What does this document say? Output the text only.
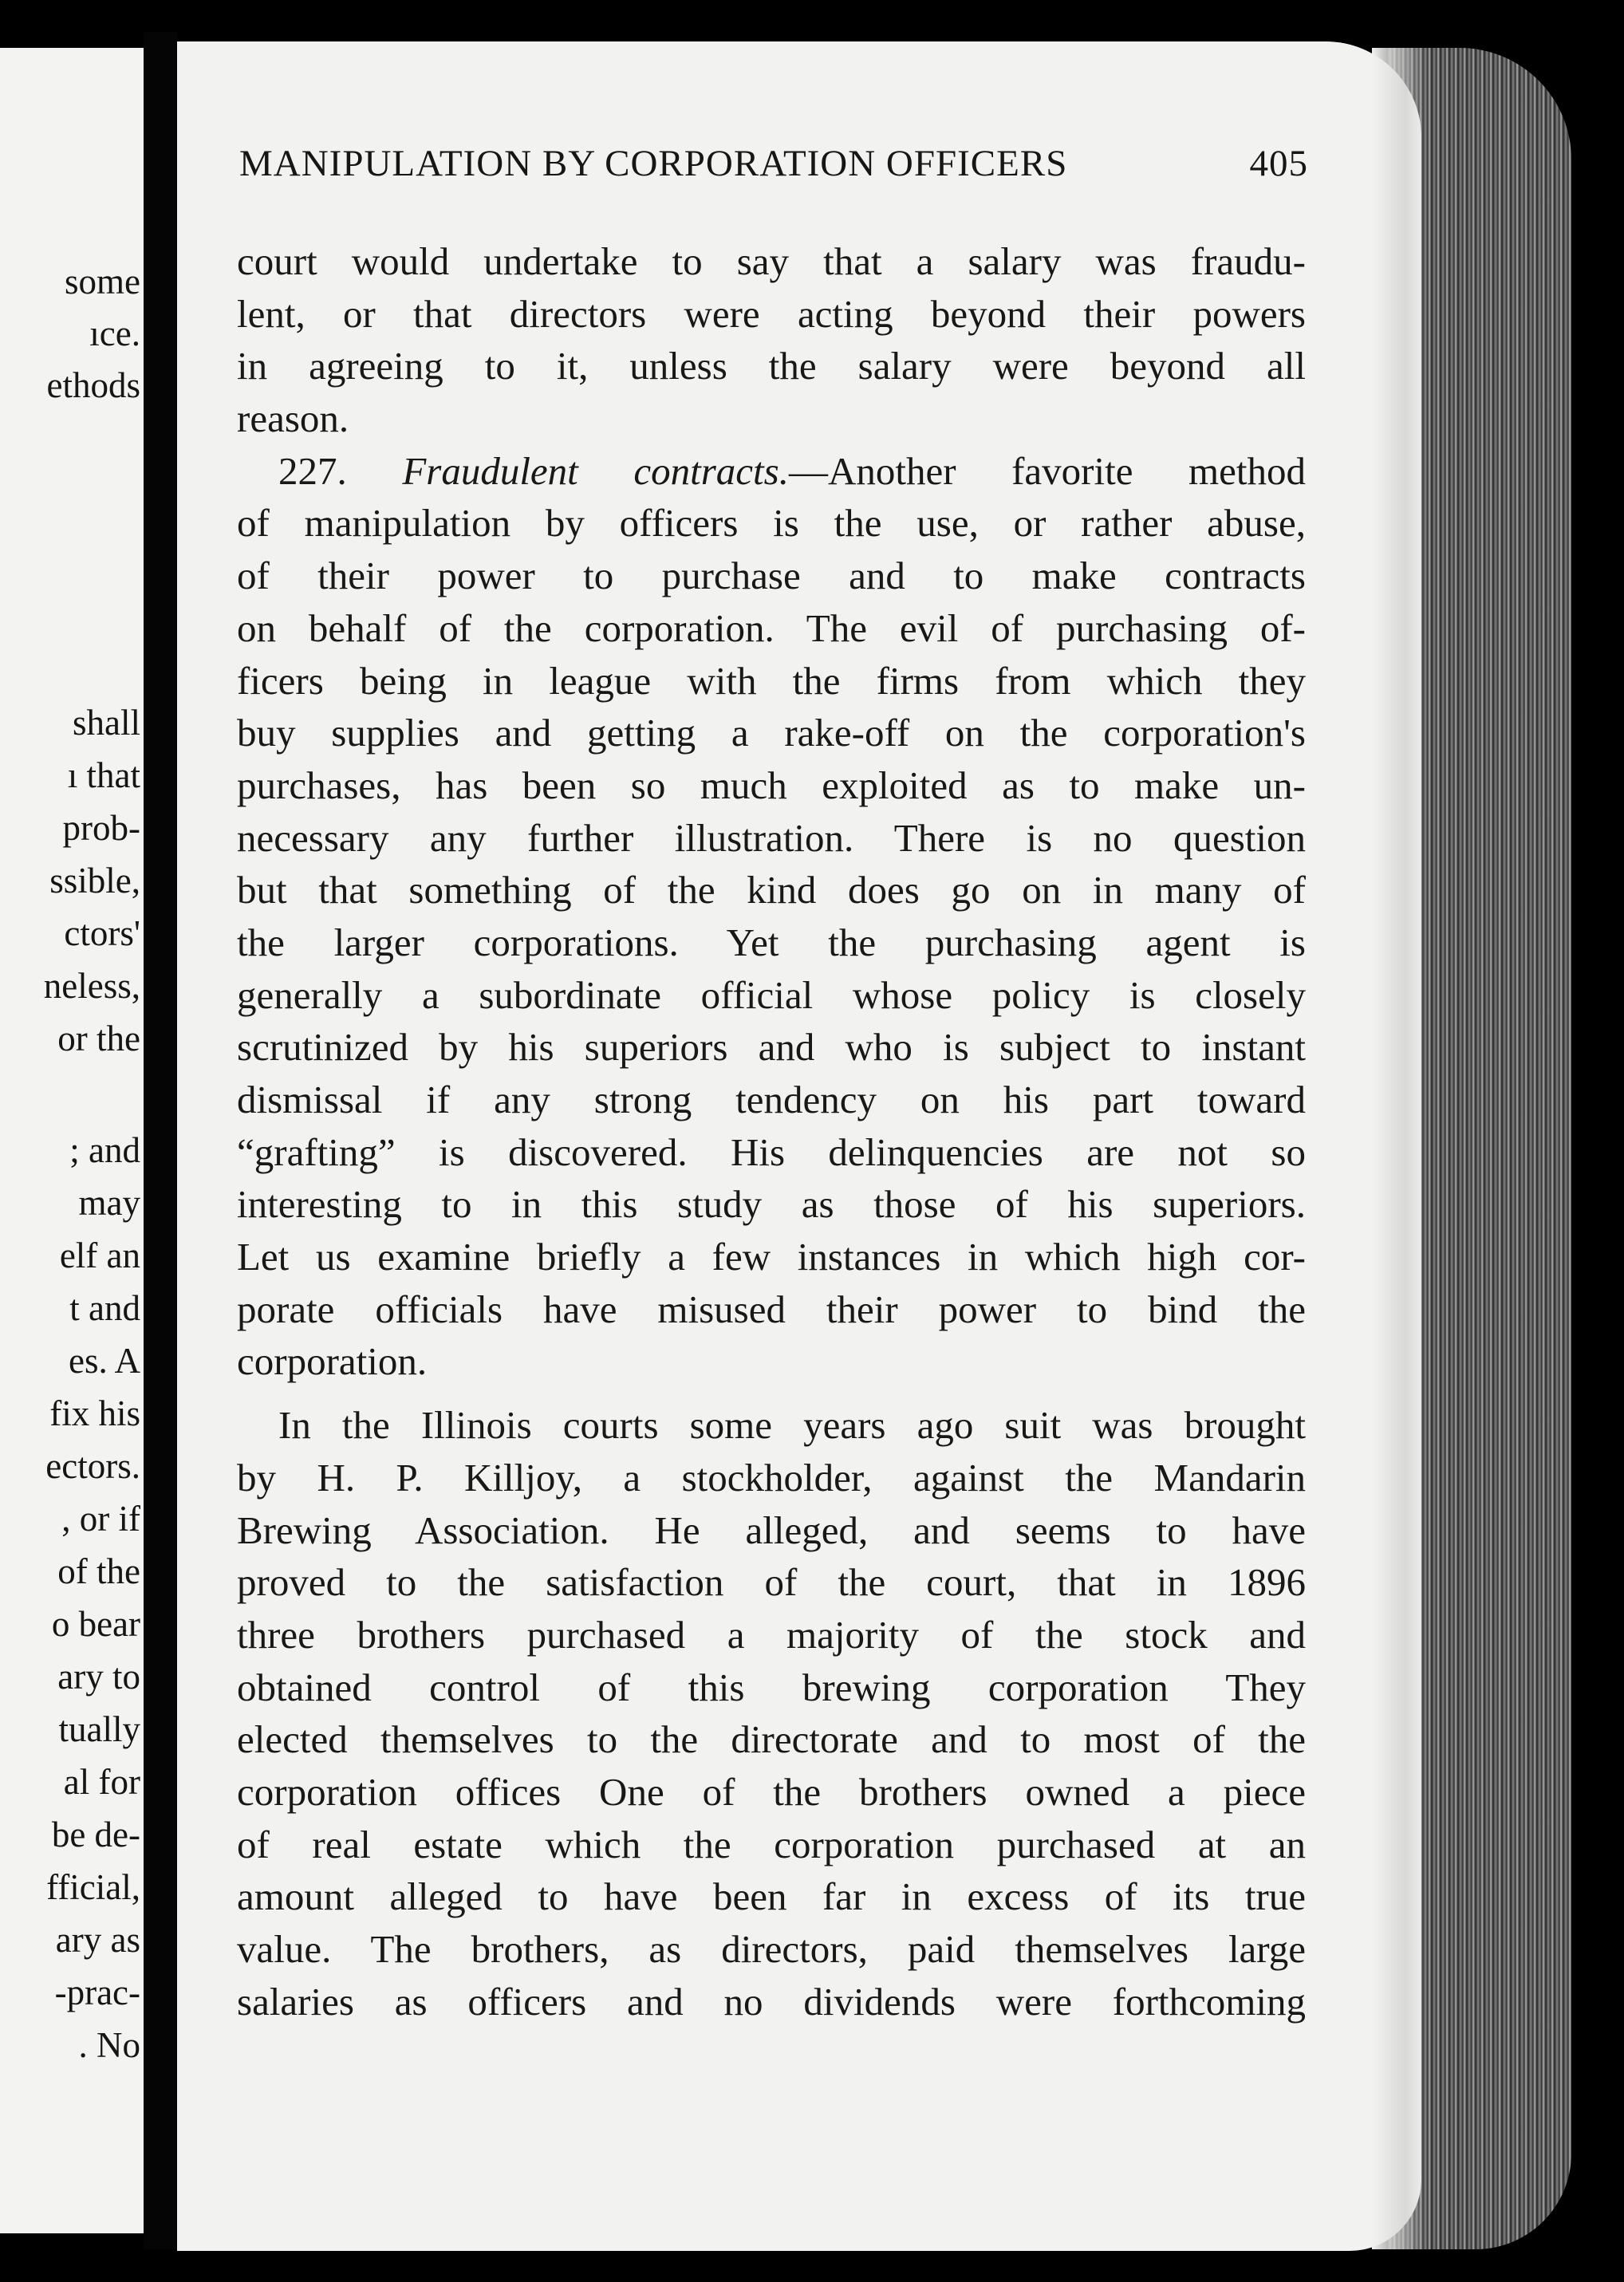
some
ıce.
ethods
shall
ı that
prob-
ssible,
ctors'
neless,
or the
; and
may
elf an
t and
es. A
fix his
ectors.
, or if
of the
o bear
ary to
tually
al for
be de-
fficial,
ary as
-prac-
. No
MANIPULATION BY CORPORATION OFFICERS	405
court would undertake to say that a salary was fraudu-
lent, or that directors were acting beyond their powers
in agreeing to it, unless the salary were beyond all
reason.
227. Fraudulent contracts.—Another favorite method
of manipulation by officers is the use, or rather abuse,
of their power to purchase and to make contracts
on behalf of the corporation. The evil of purchasing of-
ficers being in league with the firms from which they
buy supplies and getting a rake-off on the corporation's
purchases, has been so much exploited as to make un-
necessary any further illustration. There is no question
but that something of the kind does go on in many of
the larger corporations. Yet the purchasing agent is
generally a subordinate official whose policy is closely
scrutinized by his superiors and who is subject to instant
dismissal if any strong tendency on his part toward
“grafting” is discovered. His delinquencies are not so
interesting to in this study as those of his superiors.
Let us examine briefly a few instances in which high cor-
porate officials have misused their power to bind the
corporation.
In the Illinois courts some years ago suit was brought
by H. P. Killjoy, a stockholder, against the Mandarin
Brewing Association. He alleged, and seems to have
proved to the satisfaction of the court, that in 1896
three brothers purchased a majority of the stock and
obtained control of this brewing corporation They
elected themselves to the directorate and to most of the
corporation offices One of the brothers owned a piece
of real estate which the corporation purchased at an
amount alleged to have been far in excess of its true
value. The brothers, as directors, paid themselves large
salaries as officers and no dividends were forthcoming
